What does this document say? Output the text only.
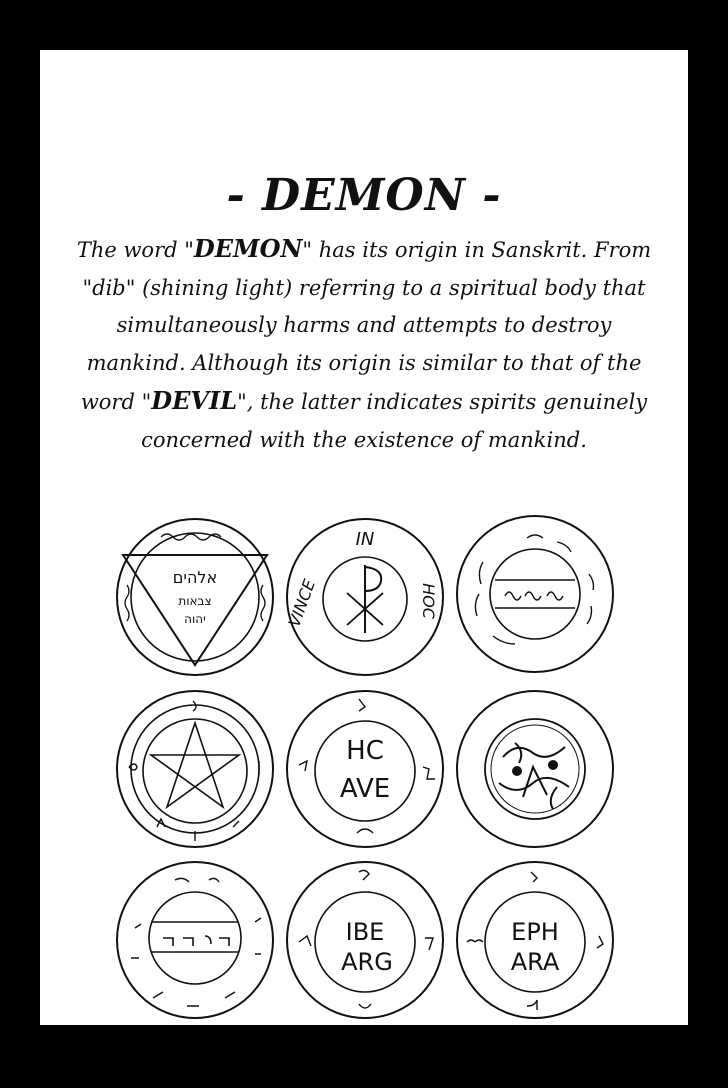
- DEMON -
The word "DEMON" has its origin in Sanskrit. From "dib" (shining light) referring to a spiritual body that simultaneously harms and attempts to destroy mankind. Although its origin is similar to that of the word "DEVIL", the latter indicates spirits genuinely concerned with the existence of mankind.
אלהים
צבאות
יהוה
IN
HOC
VINCE
HC
AVE
IBE
ARG
EPH
ARA
